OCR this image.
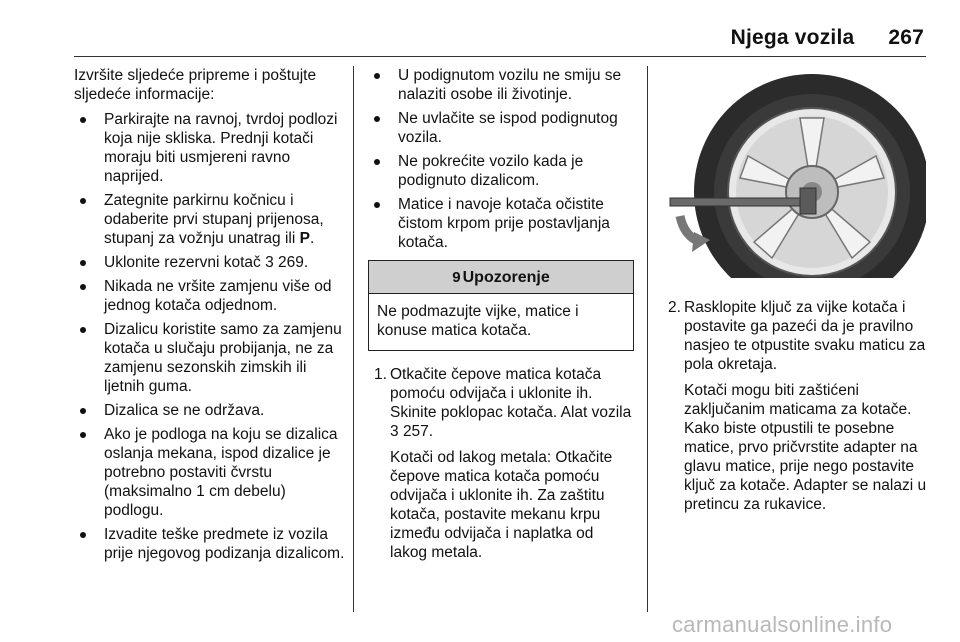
Njega vozila 267

Izvršite sljedeće pripreme i poštujte sljedeće informacije:

Parkirajte na ravnoj, tvrdoj podlozi koja nije skliska. Prednji kotači moraju biti usmjereni ravno naprijed.
Zategnite parkirnu kočnicu i odaberite prvi stupanj prijenosa, stupanj za vožnju unatrag ili P.
Uklonite rezervni kotač 3 269.
Nikada ne vršite zamjenu više od jednog kotača odjednom.
Dizalicu koristite samo za zamjenu kotača u slučaju probijanja, ne za zamjenu sezonskih zimskih ili ljetnih guma.
Dizalica se ne održava.
Ako je podloga na koju se dizalica oslanja mekana, ispod dizalice je potrebno postaviti čvrstu (maksimalno 1 cm debelu) podlogu.
Izvadite teške predmete iz vozila prije njegovog podizanja dizalicom.
U podignutom vozilu ne smiju se nalaziti osobe ili životinje.
Ne uvlačite se ispod podignutog vozila.
Ne pokrećite vozilo kada je podignuto dizalicom.
Matice i navoje kotača očistite čistom krpom prije postavljanja kotača.
9 Upozorenje
Ne podmazujte vijke, matice i konuse matica kotača.
1. Otkačite čepove matica kotača pomoću odvijača i uklonite ih. Skinite poklopac kotača. Alat vozila 3 257.

Kotači od lakog metala: Otkačite čepove matica kotača pomoću odvijača i uklonite ih. Za zaštitu kotača, postavite mekanu krpu između odvijača i naplatka od lakog metala.

2. Rasklopite ključ za vijke kotača i postavite ga pazeći da je pravilno nasjeo te otpustite svaku maticu za pola okretaja.

Kotači mogu biti zaštićeni zaključanim maticama za kotače. Kako biste otpustili te posebne matice, prvo pričvrstite adapter na glavu matice, prije nego postavite ključ za kotače. Adapter se nalazi u pretincu za rukavice.

carmanualsonline.info
